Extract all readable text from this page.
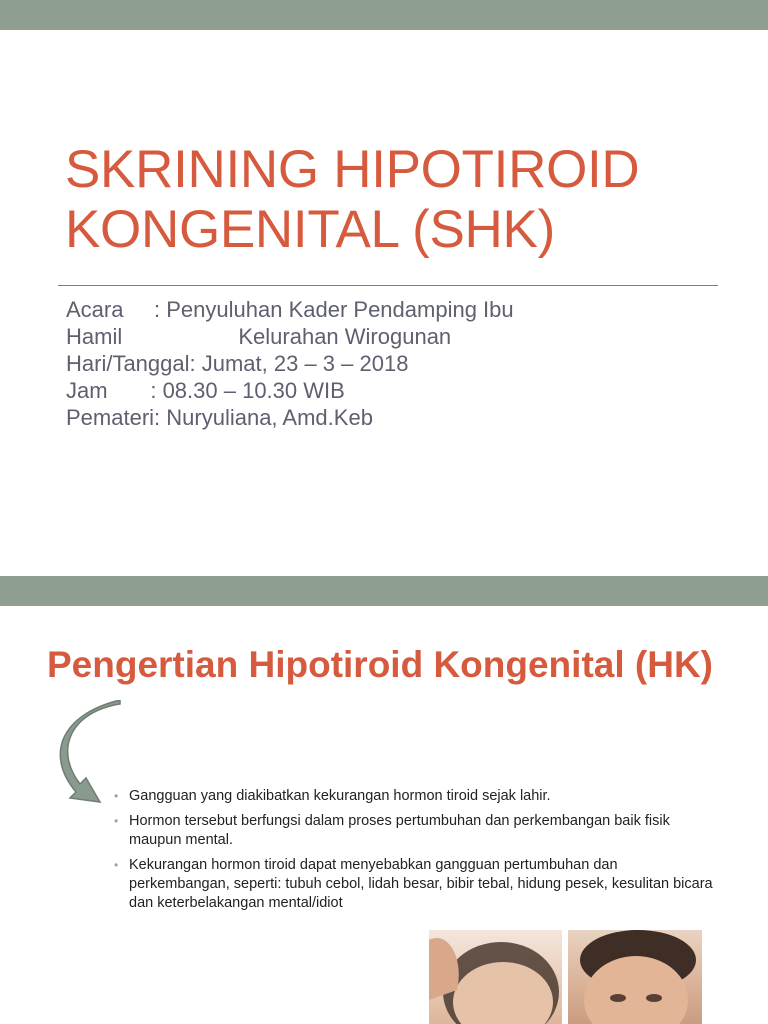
SKRINING HIPOTIROID
KONGENITAL (SHK)
Acara     : Penyuluhan Kader Pendamping Ibu
Hamil                   Kelurahan Wirogunan
Hari/Tanggal: Jumat, 23 – 3 – 2018
Jam       : 08.30 – 10.30 WIB
Pemateri: Nuryuliana, Amd.Keb
Pengertian Hipotiroid Kongenital (HK)
• Gangguan yang diakibatkan kekurangan hormon tiroid sejak lahir.
• Hormon tersebut berfungsi dalam proses pertumbuhan dan perkembangan baik fisik maupun mental.
• Kekurangan hormon tiroid dapat menyebabkan gangguan pertumbuhan dan perkembangan, seperti: tubuh cebol, lidah besar, bibir tebal, hidung pesek, kesulitan bicara dan keterbelakangan mental/idiot
